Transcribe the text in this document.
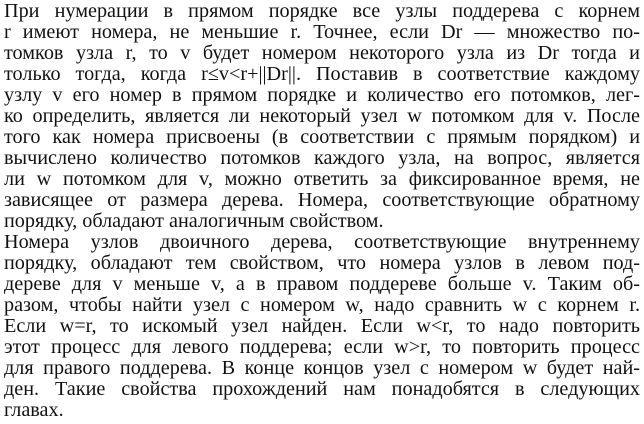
При нумерации в прямом порядке все узлы поддерева с корнем
r имеют номера, не меньшие r. Точнее, если Dr — множество по-
томков узла r, то v будет номером некоторого узла из Dr тогда и
только тогда, когда r≤v<r+||Dr||. Поставив в соответствие каждому
узлу v его номер в прямом порядке и количество его потомков, лег-
ко определить, является ли некоторый узел w потомком для v. После
того как номера присвоены (в соответствии с прямым порядком) и
вычислено количество потомков каждого узла, на вопрос, является
ли w потомком для v, можно ответить за фиксированное время, не
зависящее от размера дерева. Номера, соответствующие обратному
порядку, обладают аналогичным свойством.
Номера узлов двоичного дерева, соответствующие внутреннему
порядку, обладают тем свойством, что номера узлов в левом под-
дереве для v меньше v, а в правом поддереве больше v. Таким об-
разом, чтобы найти узел с номером w, надо сравнить w с корнем r.
Если w=r, то искомый узел найден. Если w<r, то надо повторить
этот процесс для левого поддерева; если w>r, то повторить процесс
для правого поддерева. В конце концов узел с номером w будет най-
ден. Такие свойства прохождений нам понадобятся в следующих
главах.
